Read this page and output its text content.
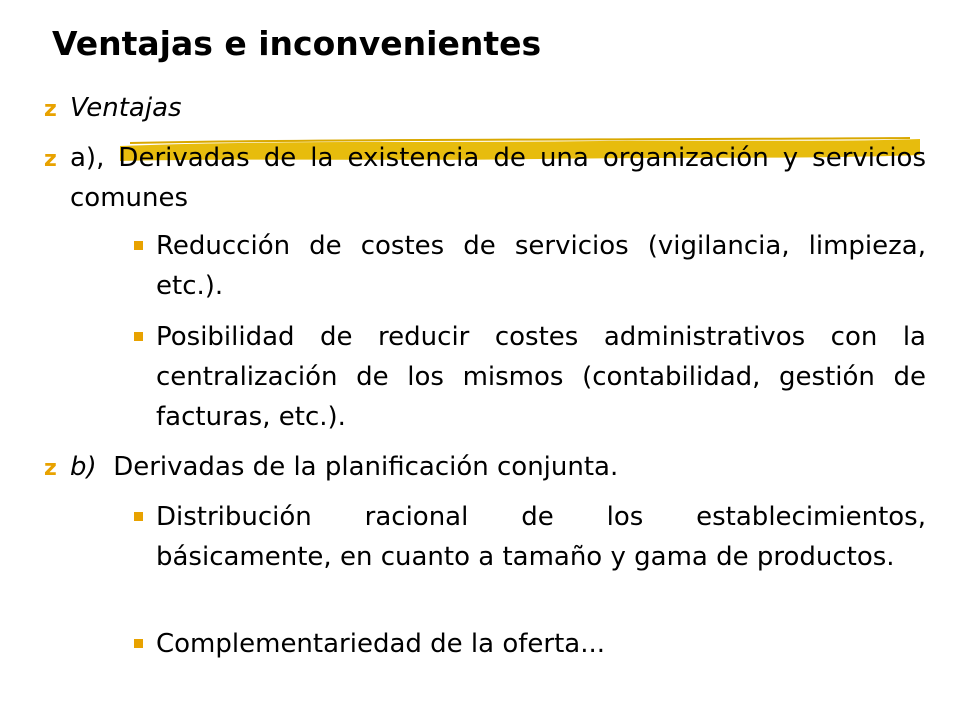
Ventajas e inconvenientes
z Ventajas
z a), Derivadas de la existencia de una organización y servicios comunes
Reducción de costes de servicios (vigilancia, limpieza, etc.).
Posibilidad de reducir costes administrativos con la centralización de los mismos (contabilidad, gestión de facturas, etc.).
z b) Derivadas de la planificación conjunta.
Distribución racional de los establecimientos, básicamente, en cuanto a tamaño y gama de productos.
Complementariedad de la oferta...
